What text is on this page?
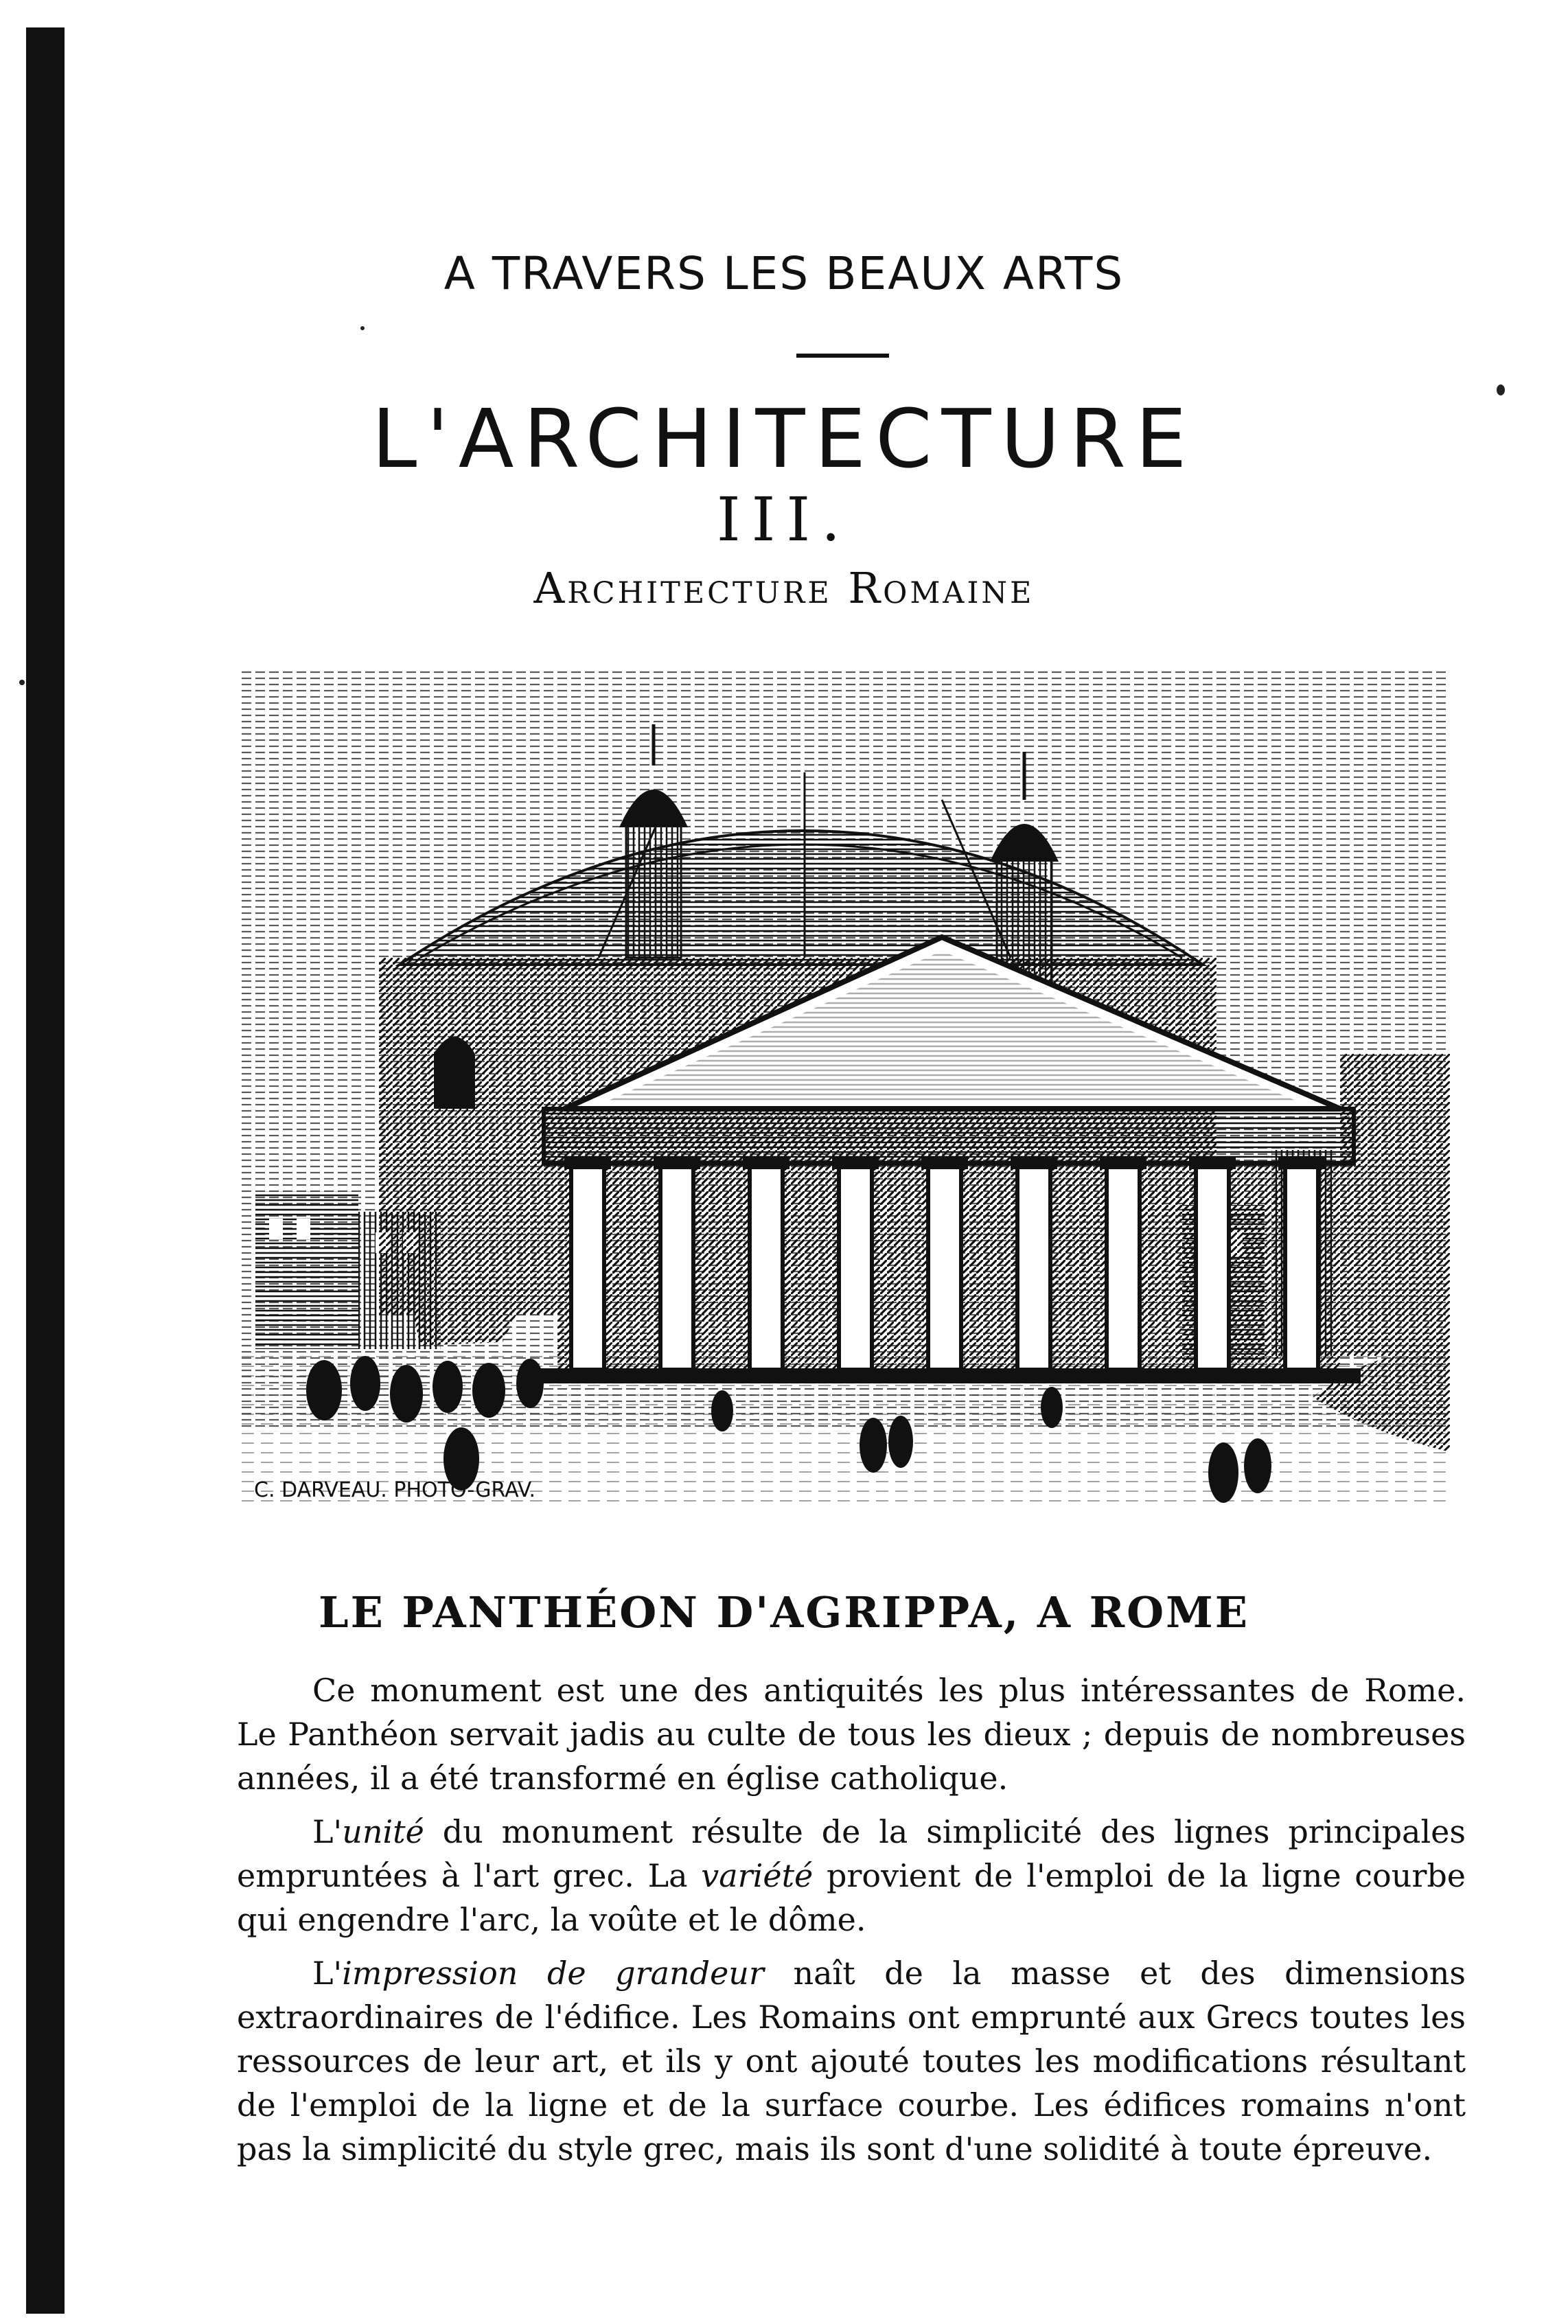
A TRAVERS LES BEAUX ARTS
L'ARCHITECTURE
III.
Architecture Romaine
C. DARVEAU. PHOTO-GRAV.
LE PANTHÉON D'AGRIPPA, A ROME

Ce monument est une des antiquités les plus intéressantes de Rome. Le Panthéon servait jadis au culte de tous les dieux ; depuis de nombreuses années, il a été transformé en église catholique.

L'unité du monument résulte de la simplicité des lignes principales empruntées à l'art grec. La variété provient de l'emploi de la ligne courbe qui engendre l'arc, la voûte et le dôme.

L'impression de grandeur naît de la masse et des dimensions extraordinaires de l'édifice. Les Romains ont emprunté aux Grecs toutes les ressources de leur art, et ils y ont ajouté toutes les modifications résultant de l'emploi de la ligne et de la surface courbe. Les édifices romains n'ont pas la simplicité du style grec, mais ils sont d'une solidité à toute épreuve.
